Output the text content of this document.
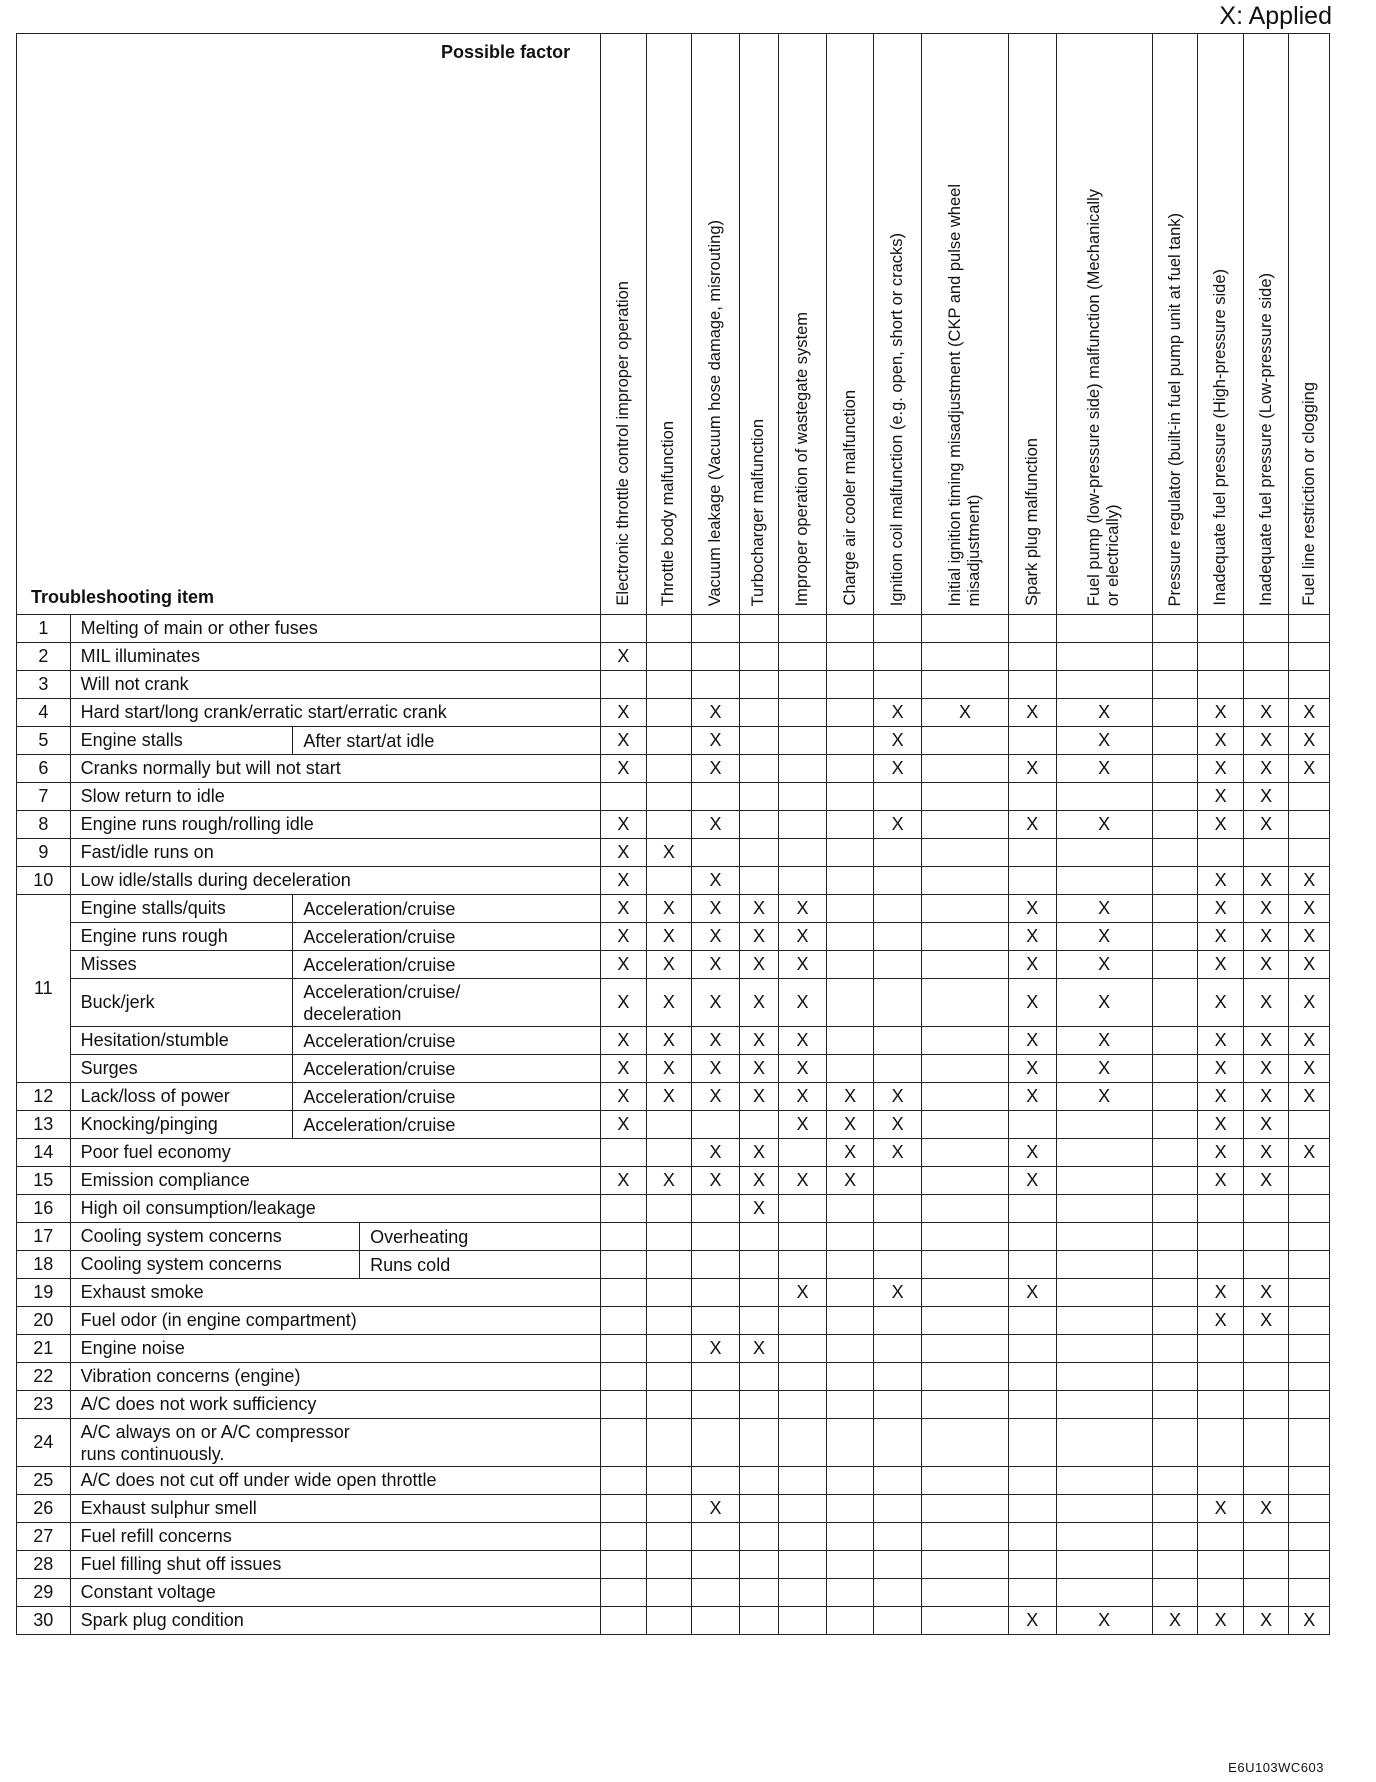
X: Applied
Possible factor
Troubleshooting item				Electronic throttle control improper operation	Throttle body malfunction	Vacuum leakage (Vacuum hose damage, misrouting)	Turbocharger malfunction	Improper operation of wastegate system	Charge air cooler malfunction	Ignition coil malfunction (e.g. open, short or cracks)	Initial ignition timing misadjustment (CKP and pulse wheel
misadjustment)	Spark plug malfunction	Fuel pump (low-pressure side) malfunction (Mechanically
or electrically)	Pressure regulator (built-in fuel pump unit at fuel tank)	Inadequate fuel pressure (High-pressure side)	Inadequate fuel pressure (Low-pressure side)	Fuel line restriction or clogging

1	Melting of main or other fuses																
2	MIL illuminates			X													
3	Will not crank																
4	Hard start/long crank/erratic start/erratic crank			X		X				X	X	X	X		X	X	X
5	Engine stalls	After start/at idle		X		X				X			X		X	X	X
6	Cranks normally but will not start			X		X				X		X	X		X	X	X
7	Slow return to idle														X	X	
8	Engine runs rough/rolling idle			X		X				X		X	X		X	X	
9	Fast/idle runs on			X	X												
10	Low idle/stalls during deceleration			X		X									X	X	X
11	Engine stalls/quits	Acceleration/cruise		X	X	X	X	X				X	X		X	X	X
	Engine runs rough	Acceleration/cruise		X	X	X	X	X				X	X		X	X	X
	Misses	Acceleration/cruise		X	X	X	X	X				X	X		X	X	X
	Buck/jerk	Acceleration/cruise/
deceleration		X	X	X	X	X				X	X		X	X	X
	Hesitation/stumble	Acceleration/cruise		X	X	X	X	X				X	X		X	X	X
	Surges	Acceleration/cruise		X	X	X	X	X				X	X		X	X	X
12	Lack/loss of power	Acceleration/cruise		X	X	X	X	X	X	X		X	X		X	X	X
13	Knocking/pinging	Acceleration/cruise		X				X	X	X					X	X	
14	Poor fuel economy					X	X		X	X		X			X	X	X
15	Emission compliance			X	X	X	X	X	X			X			X	X	
16	High oil consumption/leakage						X										
17	Cooling system concerns		Overheating														
18	Cooling system concerns		Runs cold														
19	Exhaust smoke							X		X		X			X	X	
20	Fuel odor (in engine compartment)														X	X	
21	Engine noise					X	X										
22	Vibration concerns (engine)																
23	A/C does not work sufficiency																
24	A/C always on or A/C compressor
runs continuously.																
25	A/C does not cut off under wide open throttle																
26	Exhaust sulphur smell					X									X	X	
27	Fuel refill concerns																
28	Fuel filling shut off issues																
29	Constant voltage																
30	Spark plug condition											X	X	X	X	X	X
E6U103WC603
